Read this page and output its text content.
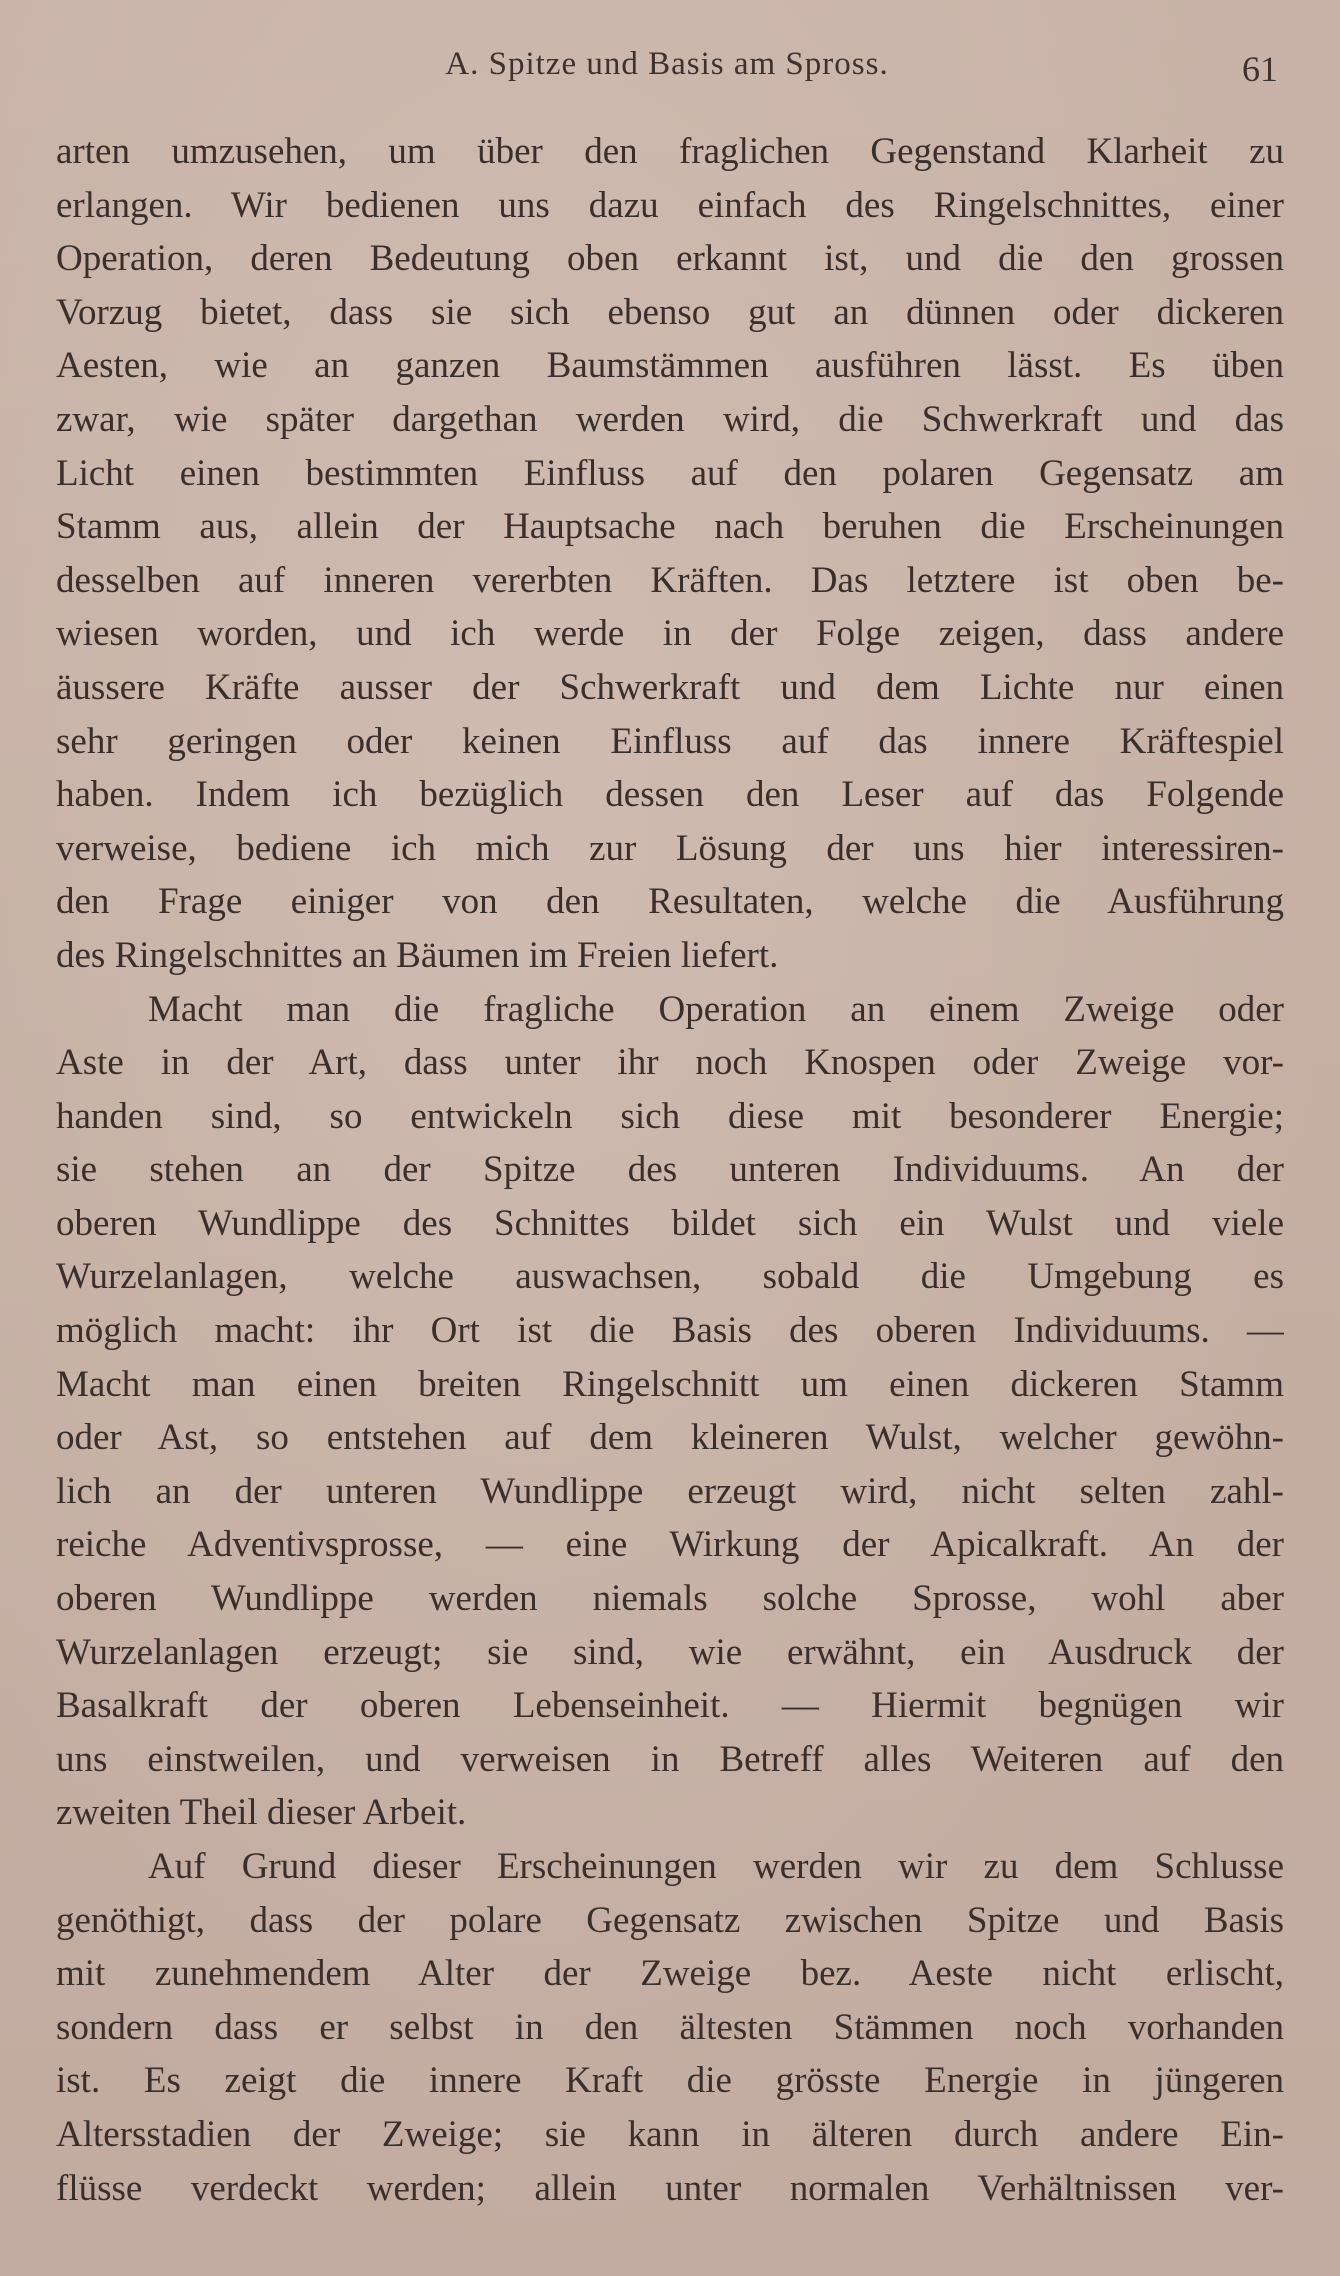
A. Spitze und Basis am Spross.	61
arten umzusehen, um über den fraglichen Gegenstand Klarheit zu
erlangen. Wir bedienen uns dazu einfach des Ringelschnittes, einer
Operation, deren Bedeutung oben erkannt ist, und die den grossen
Vorzug bietet, dass sie sich ebenso gut an dünnen oder dickeren
Aesten, wie an ganzen Baumstämmen ausführen lässt. Es üben
zwar, wie später dargethan werden wird, die Schwerkraft und das
Licht einen bestimmten Einfluss auf den polaren Gegensatz am
Stamm aus, allein der Hauptsache nach beruhen die Erscheinungen
desselben auf inneren vererbten Kräften. Das letztere ist oben be-
wiesen worden, und ich werde in der Folge zeigen, dass andere
äussere Kräfte ausser der Schwerkraft und dem Lichte nur einen
sehr geringen oder keinen Einfluss auf das innere Kräftespiel
haben. Indem ich bezüglich dessen den Leser auf das Folgende
verweise, bediene ich mich zur Lösung der uns hier interessiren-
den Frage einiger von den Resultaten, welche die Ausführung
des Ringelschnittes an Bäumen im Freien liefert.
Macht man die fragliche Operation an einem Zweige oder
Aste in der Art, dass unter ihr noch Knospen oder Zweige vor-
handen sind, so entwickeln sich diese mit besonderer Energie;
sie stehen an der Spitze des unteren Individuums. An der
oberen Wundlippe des Schnittes bildet sich ein Wulst und viele
Wurzelanlagen, welche auswachsen, sobald die Umgebung es
möglich macht: ihr Ort ist die Basis des oberen Individuums. —
Macht man einen breiten Ringelschnitt um einen dickeren Stamm
oder Ast, so entstehen auf dem kleineren Wulst, welcher gewöhn-
lich an der unteren Wundlippe erzeugt wird, nicht selten zahl-
reiche Adventivsprosse, — eine Wirkung der Apicalkraft. An der
oberen Wundlippe werden niemals solche Sprosse, wohl aber
Wurzelanlagen erzeugt; sie sind, wie erwähnt, ein Ausdruck der
Basalkraft der oberen Lebenseinheit. — Hiermit begnügen wir
uns einstweilen, und verweisen in Betreff alles Weiteren auf den
zweiten Theil dieser Arbeit.
Auf Grund dieser Erscheinungen werden wir zu dem Schlusse
genöthigt, dass der polare Gegensatz zwischen Spitze und Basis
mit zunehmendem Alter der Zweige bez. Aeste nicht erlischt,
sondern dass er selbst in den ältesten Stämmen noch vorhanden
ist. Es zeigt die innere Kraft die grösste Energie in jüngeren
Altersstadien der Zweige; sie kann in älteren durch andere Ein-
flüsse verdeckt werden; allein unter normalen Verhältnissen ver-
